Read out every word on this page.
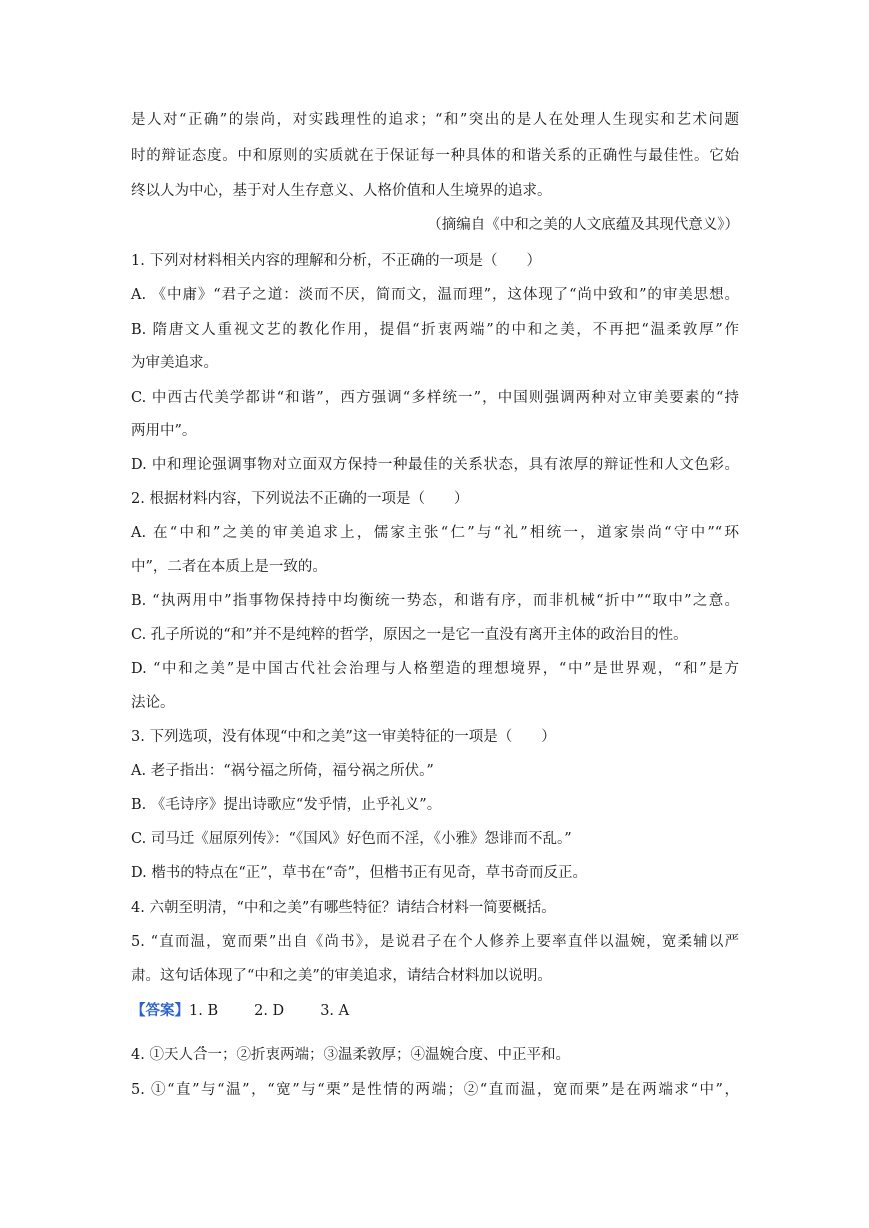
是人对“正确”的崇尚，对实践理性的追求；“和”突出的是人在处理人生现实和艺术问题
时的辩证态度。中和原则的实质就在于保证每一种具体的和谐关系的正确性与最佳性。它始
终以人为中心，基于对人生存意义、人格价值和人生境界的追求。
（摘编自《中和之美的人文底蕴及其现代意义》）
1. 下列对材料相关内容的理解和分析，不正确的一项是（　　）
A. 《中庸》“君子之道：淡而不厌，简而文，温而理”，这体现了“尚中致和”的审美思想。
B. 隋唐文人重视文艺的教化作用，提倡“折衷两端”的中和之美，不再把“温柔敦厚”作
为审美追求。
C. 中西古代美学都讲“和谐”，西方强调“多样统一”，中国则强调两种对立审美要素的“持
两用中”。
D. 中和理论强调事物对立面双方保持一种最佳的关系状态，具有浓厚的辩证性和人文色彩。
2. 根据材料内容，下列说法不正确的一项是（　　）
A. 在“中和”之美的审美追求上，儒家主张“仁”与“礼”相统一，道家崇尚“守中”“环
中”，二者在本质上是一致的。
B. “执两用中”指事物保持持中均衡统一势态，和谐有序，而非机械“折中”“取中”之意。
C. 孔子所说的“和”并不是纯粹的哲学，原因之一是它一直没有离开主体的政治目的性。
D. “中和之美”是中国古代社会治理与人格塑造的理想境界，“中”是世界观，“和”是方
法论。
3. 下列选项，没有体现“中和之美”这一审美特征的一项是（　　）
A. 老子指出：“祸兮福之所倚，福兮祸之所伏。”
B. 《毛诗序》提出诗歌应“发乎情，止乎礼义”。
C. 司马迁《屈原列传》：“《国风》好色而不淫，《小雅》怨诽而不乱。”
D. 楷书的特点在“正”，草书在“奇”，但楷书正有见奇，草书奇而反正。
4. 六朝至明清，“中和之美”有哪些特征？请结合材料一简要概括。
5. “直而温，宽而栗”出自《尚书》，是说君子在个人修养上要率直伴以温婉，宽柔辅以严
肃。这句话体现了“中和之美”的审美追求，请结合材料加以说明。
【答案】1. B 2. D 3. A
4. ①天人合一；②折衷两端；③温柔敦厚；④温婉合度、中正平和。
5. ①“直”与“温”，“宽”与“栗”是性情的两端；②“直而温，宽而栗”是在两端求“中”，
